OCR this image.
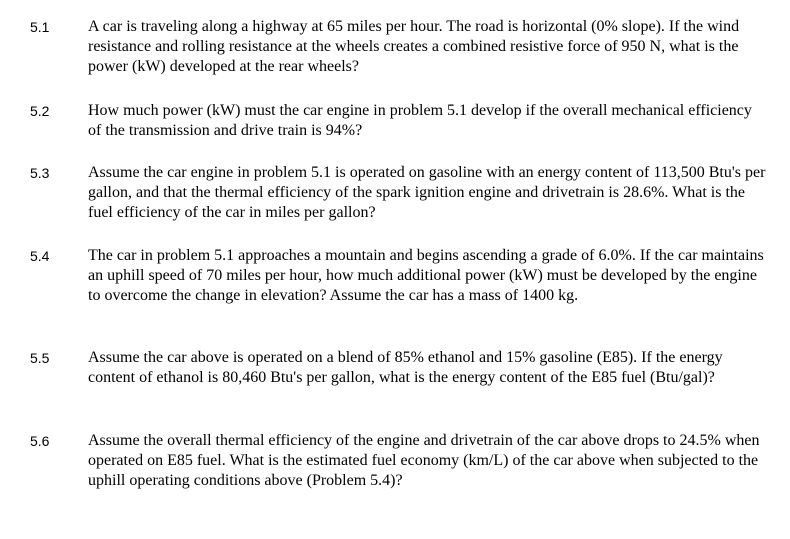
5.1 A car is traveling along a highway at 65 miles per hour. The road is horizontal (0% slope). If the wind resistance and rolling resistance at the wheels creates a combined resistive force of 950 N, what is the power (kW) developed at the rear wheels?

5.2 How much power (kW) must the car engine in problem 5.1 develop if the overall mechanical efficiency of the transmission and drive train is 94%?

5.3 Assume the car engine in problem 5.1 is operated on gasoline with an energy content of 113,500 Btu's per gallon, and that the thermal efficiency of the spark ignition engine and drivetrain is 28.6%. What is the fuel efficiency of the car in miles per gallon?

5.4 The car in problem 5.1 approaches a mountain and begins ascending a grade of 6.0%. If the car maintains an uphill speed of 70 miles per hour, how much additional power (kW) must be developed by the engine to overcome the change in elevation? Assume the car has a mass of 1400 kg.

5.5 Assume the car above is operated on a blend of 85% ethanol and 15% gasoline (E85). If the energy content of ethanol is 80,460 Btu's per gallon, what is the energy content of the E85 fuel (Btu/gal)?

5.6 Assume the overall thermal efficiency of the engine and drivetrain of the car above drops to 24.5% when operated on E85 fuel. What is the estimated fuel economy (km/L) of the car above when subjected to the uphill operating conditions above (Problem 5.4)?
